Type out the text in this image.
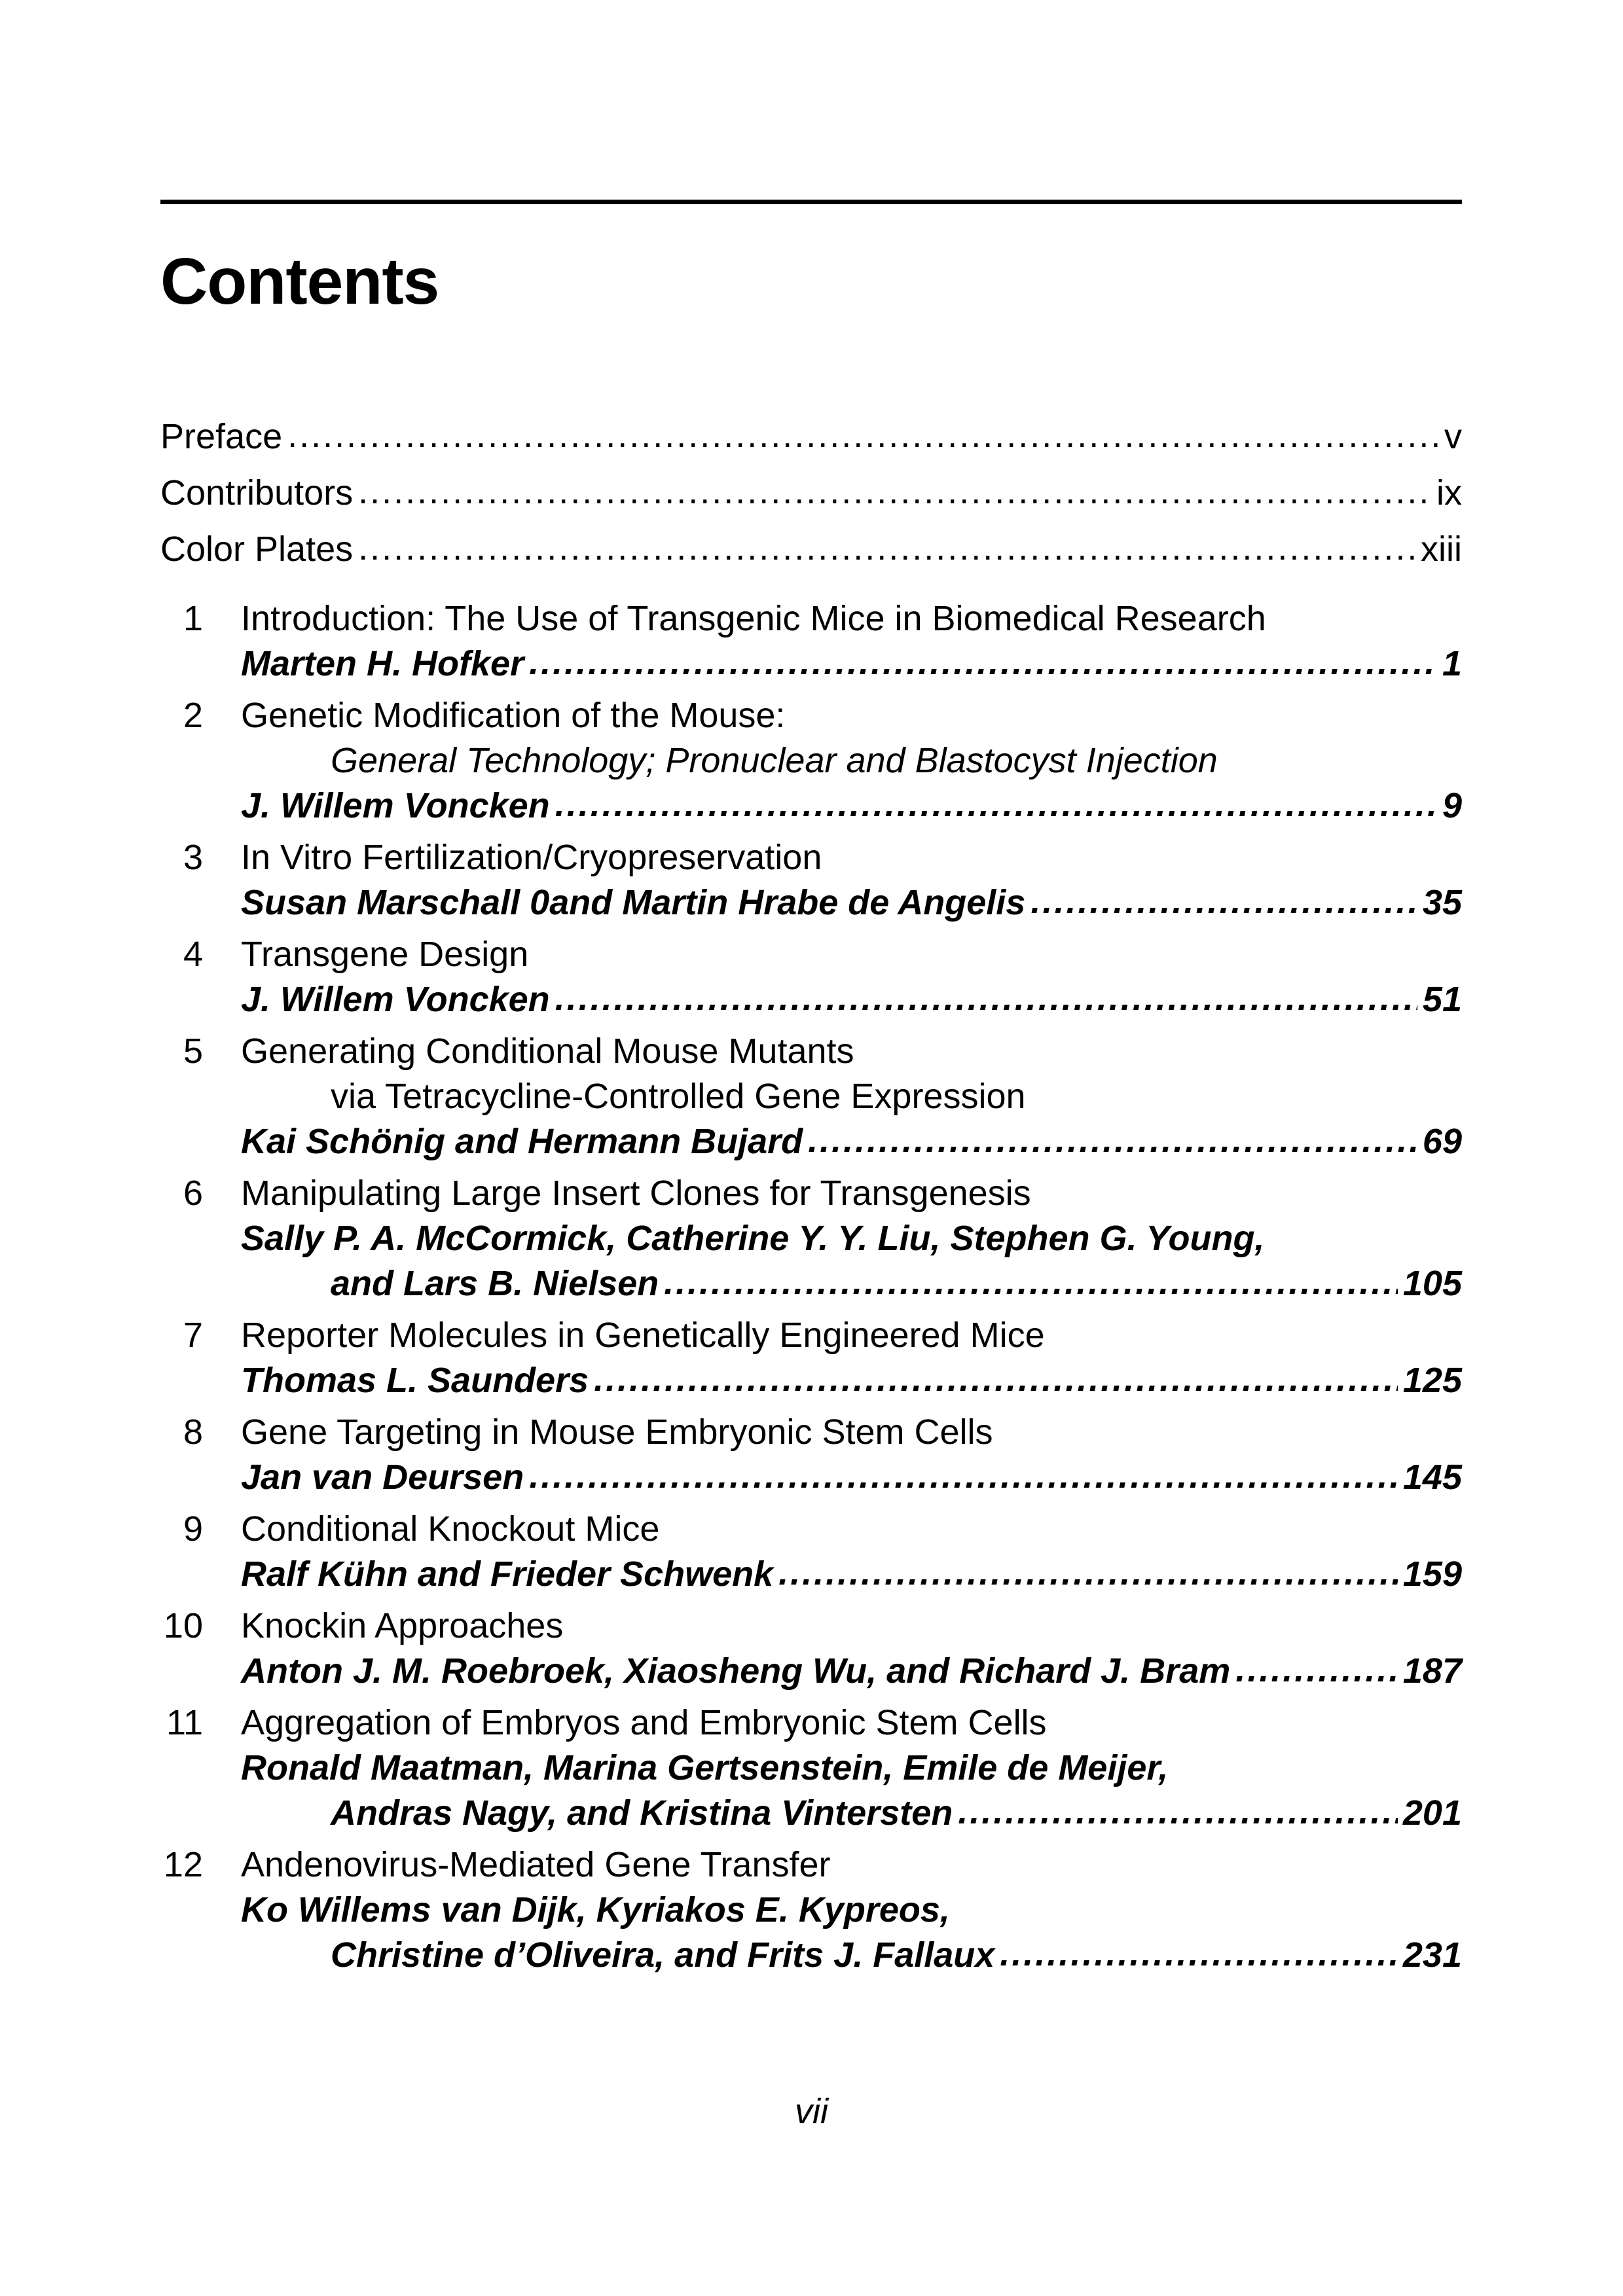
Contents
Preface .....	v
Contributors .....	ix
Color Plates .....	xiii
1 Introduction: The Use of Transgenic Mice in Biomedical Research
Marten H. Hofker .....	1
2 Genetic Modification of the Mouse:
General Technology; Pronuclear and Blastocyst Injection
J. Willem Voncken .....	9
3 In Vitro Fertilization/Cryopreservation
Susan Marschall 0and Martin Hrabe de Angelis .....	35
4 Transgene Design
J. Willem Voncken .....	51
5 Generating Conditional Mouse Mutants
via Tetracycline-Controlled Gene Expression
Kai Schönig and Hermann Bujard .....	69
6 Manipulating Large Insert Clones for Transgenesis
Sally P. A. McCormick, Catherine Y. Y. Liu, Stephen G. Young,
and Lars B. Nielsen .....	105
7 Reporter Molecules in Genetically Engineered Mice
Thomas L. Saunders .....	125
8 Gene Targeting in Mouse Embryonic Stem Cells
Jan van Deursen .....	145
9 Conditional Knockout Mice
Ralf Kühn and Frieder Schwenk .....	159
10 Knockin Approaches
Anton J. M. Roebroek, Xiaosheng Wu, and Richard J. Bram .....	187
11 Aggregation of Embryos and Embryonic Stem Cells
Ronald Maatman, Marina Gertsenstein, Emile de Meijer,
Andras Nagy, and Kristina Vintersten .....	201
12 Andenovirus-Mediated Gene Transfer
Ko Willems van Dijk, Kyriakos E. Kypreos,
Christine d’Oliveira, and Frits J. Fallaux .....	231
vii
